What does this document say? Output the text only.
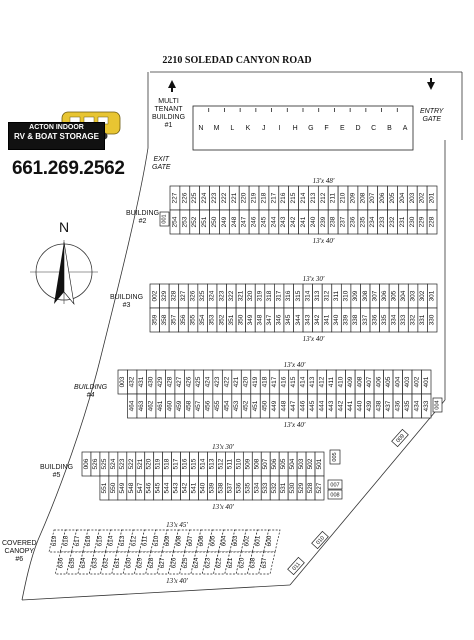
2210 SOLEDAD CANYON ROAD
N M L K J I H G F E D C B A
N
227 226 225 224 223 222 221 220 219 218 217 216 215 214 213 212 211 210 209 208 207 206 205 204 203 202 201
254 253 252 251 250 249 248 247 246 245 244 243 242 241 240 239 238 237 236 235 234 233 232 231 230 229 228
001
002 329 328 327 326 325 324 323 322 321 320 319 318 317 316 315 314 313 312 311 310 309 308 307 306 305 304 303 302 301
359 358 357 356 355 354 353 352 351 350 349 348 347 346 345 344 343 342 341 340 339 338 337 336 335 334 333 332 331 330
003 432 431 430 429 428 427 426 425 424 423 422 421 420 419 418 417 416 415 414 413 412 411 410 409 408 407 406 405 404 403 402 401
464 463 462 461 460 459 458 457 456 455 454 453 452 451 450 449 448 447 446 445 444 443 442 441 440 439 438 437 436 435 434 433 004
006 526 525 524 523 522 521 520 519 518 517 516 515 514 513 512 511 510 509 508 507 506 505 504 503 502 501
551 550 549 548 547 546 545 544 543 542 541 540 539 538 537 536 535 534 533 532 531 530 529 528 527
005
007
008
619 618 617 616 615 614 613 612 611 610 609 608 607 606 605 604 603 602 601 600
636 635 634 633 632 631 630 629 628 627 626 625 624 623 622 621 620 638 637
009
010
011
13'x 48'
13'x 40'
13'x 30'
13'x 40'
13'x 40'
13'x 40'
13'x 30'
13'x 40'
13'x 45'
13'x 40'
ACTON INDOOR
RV & BOAT STORAGE
661.269.2562
MULTI
TENANT
BUILDING
#1
ENTRY
GATE
EXIT
GATE
BUILDING
#2
BUILDING
#3
BUILDING
#4
BUILDING
#5
COVERED
CANOPY
#6
